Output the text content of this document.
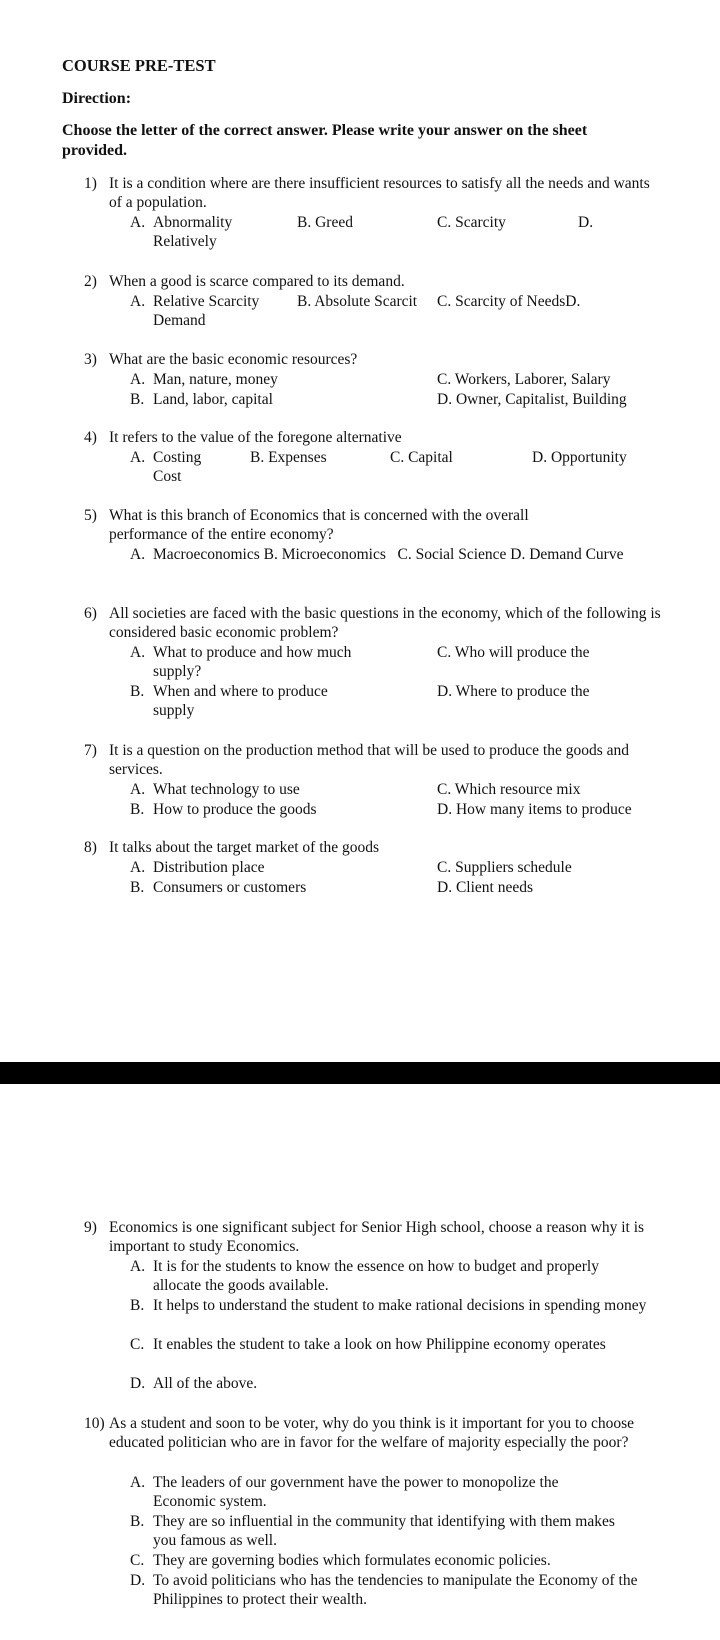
COURSE PRE-TEST
Direction:
Choose the letter of the correct answer. Please write your answer on the sheet provided.
1) It is a condition where are there insufficient resources to satisfy all the needs and wants of a population.
A. Abnormality Relatively
B. Greed	C. Scarcity	D.
2) When a good is scarce compared to its demand.
A. Relative Scarcity Demand
B. Absolute Scarcit C. Scarcity of NeedsD.
3) What are the basic economic resources?
A. Man, nature, money	C. Workers, Laborer, Salary
B. Land, labor, capital	D. Owner, Capitalist, Building
4) It refers to the value of the foregone alternative
A. Costing Cost
B. Expenses	C. Capital	D. Opportunity
5) What is this branch of Economics that is concerned with the overall performance of the entire economy?
A. Macroeconomics B. Microeconomics   C. Social Science D. Demand Curve
6) All societies are faced with the basic questions in the economy, which of the following is considered basic economic problem?
A. What to produce and how much supply?
C. Who will produce the
B. When and where to produce supply
D. Where to produce the
7) It is a question on the production method that will be used to produce the goods and services.
A. What technology to use	C. Which resource mix
B. How to produce the goods	D. How many items to produce
8) It talks about the target market of the goods
A. Distribution place	C. Suppliers schedule
B. Consumers or customers	D. Client needs
9) Economics is one significant subject for Senior High school, choose a reason why it is important to study Economics.
A. It is for the students to know the essence on how to budget and properly allocate the goods available.
B. It helps to understand the student to make rational decisions in spending money
C. It enables the student to take a look on how Philippine economy operates
D. All of the above.
10) As a student and soon to be voter, why do you think is it important for you to choose educated politician who are in favor for the welfare of majority especially the poor?
A. The leaders of our government have the power to monopolize the Economic system.
B. They are so influential in the community that identifying with them makes you famous as well.
C. They are governing bodies which formulates economic policies.
D. To avoid politicians who has the tendencies to manipulate the Economy of the Philippines to protect their wealth.
